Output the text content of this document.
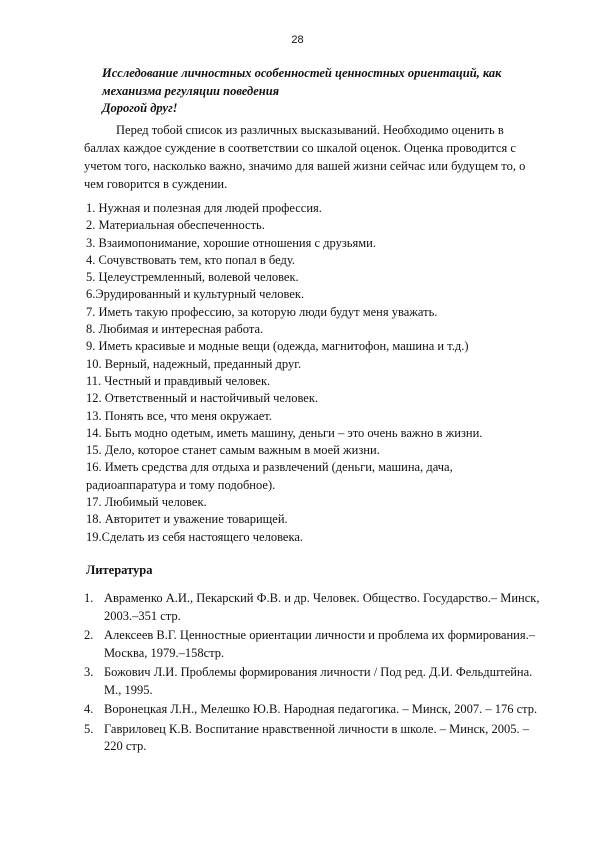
28
Исследование личностных особенностей ценностных ориентаций, как механизма регуляции поведения
Дорогой друг!

Перед тобой список из различных высказываний. Необходимо оценить в баллах каждое суждение в соответствии со шкалой оценок. Оценка проводится с учетом того, насколько важно, значимо для вашей жизни сейчас или будущем то, о чем говорится в суждении.

1. Нужная и полезная для людей профессия.
2. Материальная обеспеченность.
3. Взаимопонимание, хорошие отношения с друзьями.
4. Сочувствовать тем, кто попал в беду.
5. Целеустремленный, волевой человек.
6.Эрудированный и культурный человек.
7. Иметь такую профессию, за которую люди будут меня уважать.
8. Любимая и интересная работа.
9. Иметь красивые и модные вещи (одежда, магнитофон, машина и т.д.)
10. Верный, надежный, преданный друг.
11. Честный и правдивый человек.
12. Ответственный и настойчивый человек.
13. Понять все, что меня окружает.
14. Быть модно одетым, иметь машину, деньги – это очень важно в жизни.
15. Дело, которое станет самым важным в моей жизни.
16. Иметь средства для отдыха и развлечений (деньги, машина, дача, радиоаппаратура и тому подобное).
17. Любимый человек.
18. Авторитет и уважение товарищей.
19.Сделать из себя настоящего человека.
Литература
1. Авраменко А.И., Пекарский Ф.В. и др. Человек. Общество. Государство.– Минск, 2003.–351 стр.
2. Алексеев В.Г. Ценностные ориентации личности и проблема их формирования.–Москва, 1979.–158стр.
3. Божович Л.И. Проблемы формирования личности / Под ред. Д.И. Фельдштейна. М., 1995.
4. Воронецкая Л.Н., Мелешко Ю.В. Народная педагогика. – Минск, 2007. – 176 стр.
5. Гавриловец К.В. Воспитание нравственной личности в школе. – Минск, 2005. – 220 стр.
